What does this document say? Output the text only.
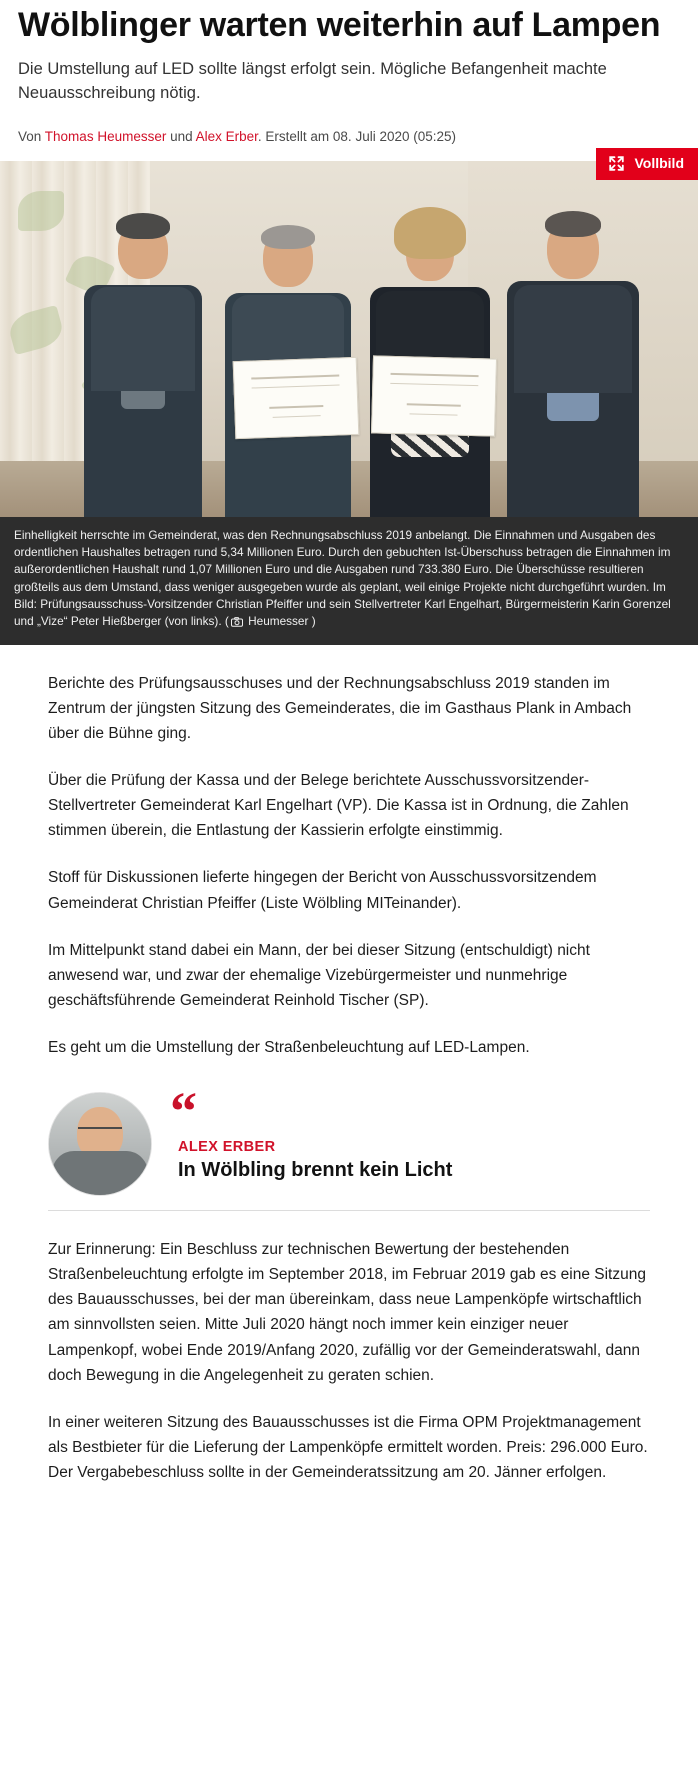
Wölblinger warten weiterhin auf Lampen

Die Umstellung auf LED sollte längst erfolgt sein. Mögliche Befangenheit machte Neuausschreibung nötig.

Von Thomas Heumesser und Alex Erber. Erstellt am 08. Juli 2020 (05:25)
Vollbild
Einhelligkeit herrschte im Gemeinderat, was den Rechnungsabschluss 2019 anbelangt. Die Einnahmen und Ausgaben des ordentlichen Haushaltes betragen rund 5,34 Millionen Euro. Durch den gebuchten Ist-Überschuss betragen die Einnahmen im außerordentlichen Haushalt rund 1,07 Millionen Euro und die Ausgaben rund 733.380 Euro. Die Überschüsse resultieren großteils aus dem Umstand, dass weniger ausgegeben wurde als geplant, weil einige Projekte nicht durchgeführt wurden. Im Bild: Prüfungsausschuss-Vorsitzender Christian Pfeiffer und sein Stellvertreter Karl Engelhart, Bürgermeisterin Karin Gorenzel und „Vize“ Peter Hießberger (von links). ( Heumesser )

Berichte des Prüfungsausschuses und der Rechnungsabschluss 2019 standen im Zentrum der jüngsten Sitzung des Gemeinderates, die im Gasthaus Plank in Ambach über die Bühne ging.

Über die Prüfung der Kassa und der Belege berichtete Ausschussvorsitzender-Stellvertreter Gemeinderat Karl Engelhart (VP). Die Kassa ist in Ordnung, die Zahlen stimmen überein, die Entlastung der Kassierin erfolgte einstimmig.

Stoff für Diskussionen lieferte hingegen der Bericht von Ausschussvorsitzendem Gemeinderat Christian Pfeiffer (Liste Wölbling MITeinander).

Im Mittelpunkt stand dabei ein Mann, der bei dieser Sitzung (entschuldigt) nicht anwesend war, und zwar der ehemalige Vizebürgermeister und nunmehrige geschäftsführende Gemeinderat Reinhold Tischer (SP).

Es geht um die Umstellung der Straßenbeleuchtung auf LED-Lampen.

“
ALEX ERBER
In Wölbling brennt kein Licht

Zur Erinnerung: Ein Beschluss zur technischen Bewertung der bestehenden Straßenbeleuchtung erfolgte im September 2018, im Februar 2019 gab es eine Sitzung des Bauausschusses, bei der man übereinkam, dass neue Lampenköpfe wirtschaftlich am sinnvollsten seien. Mitte Juli 2020 hängt noch immer kein einziger neuer Lampenkopf, wobei Ende 2019/Anfang 2020, zufällig vor der Gemeinderatswahl, dann doch Bewegung in die Angelegenheit zu geraten schien.

In einer weiteren Sitzung des Bauausschusses ist die Firma OPM Projektmanagement als Bestbieter für die Lieferung der Lampenköpfe ermittelt worden. Preis: 296.000 Euro. Der Vergabebeschluss sollte in der Gemeinderatssitzung am 20. Jänner erfolgen.
